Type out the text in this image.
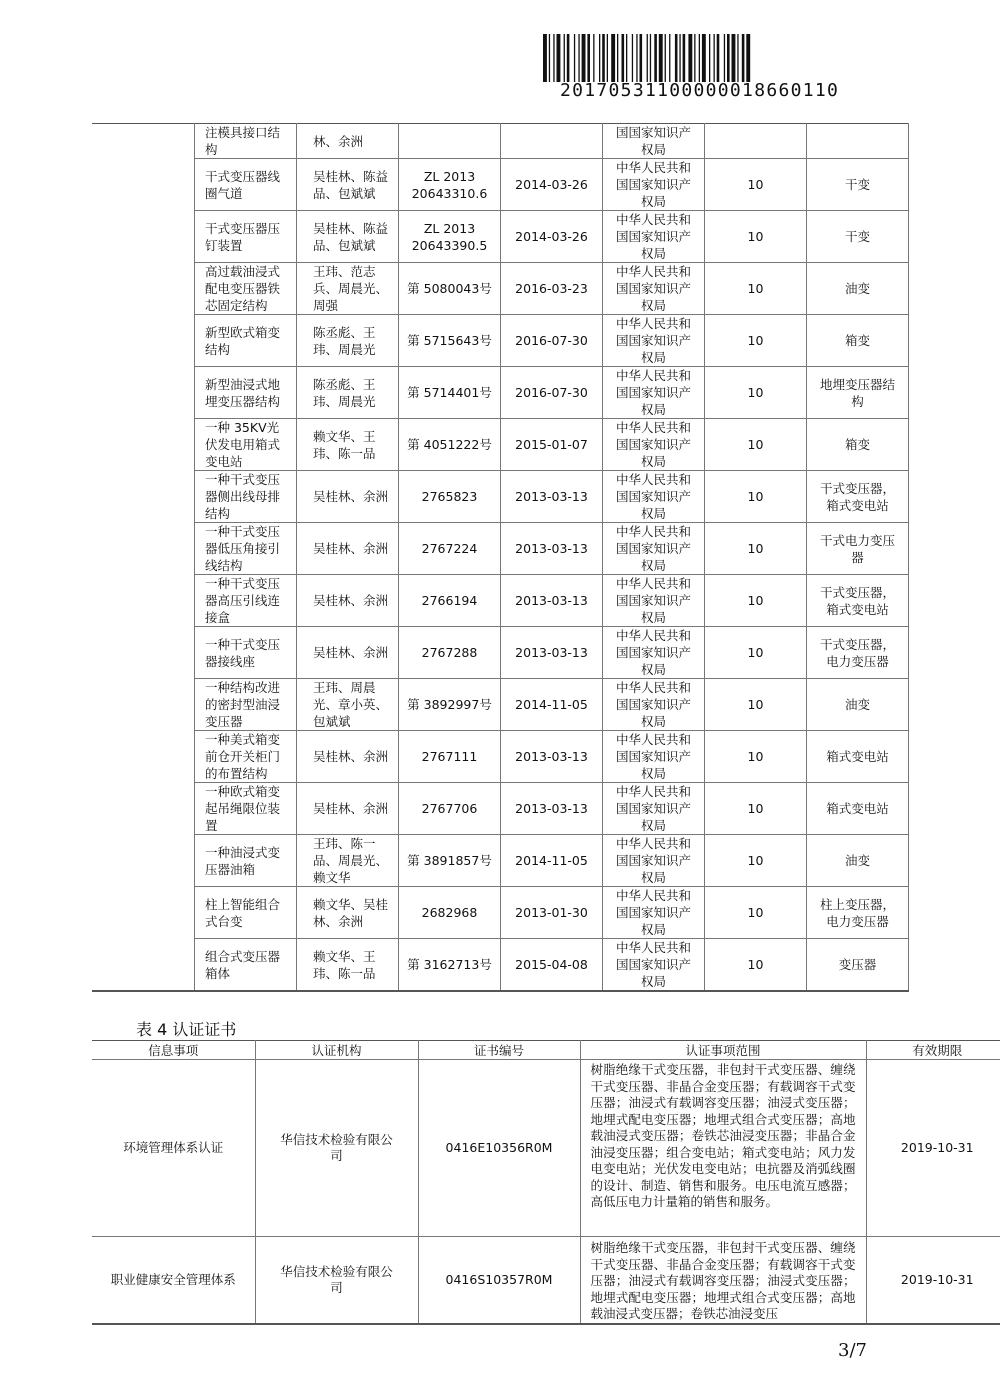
20170531100000018660110
注模具接口结构	林、余洲			国国家知识产权局		
干式变压器线圈气道	吴桂林、陈益品、包斌斌	ZL 2013 20643310.6	2014-03-26	中华人民共和国国家知识产权局	10	干变
干式变压器压钉装置	吴桂林、陈益品、包斌斌	ZL 2013 20643390.5	2014-03-26	中华人民共和国国家知识产权局	10	干变
高过载油浸式配电变压器铁芯固定结构	王玮、范志兵、周晨光、周强	第 5080043号	2016-03-23	中华人民共和国国家知识产权局	10	油变
新型欧式箱变结构	陈丞彪、王玮、周晨光	第 5715643号	2016-07-30	中华人民共和国国家知识产权局	10	箱变
新型油浸式地埋变压器结构	陈丞彪、王玮、周晨光	第 5714401号	2016-07-30	中华人民共和国国家知识产权局	10	地埋变压器结构
一种 35KV光伏发电用箱式变电站	赖文华、王玮、陈一品	第 4051222号	2015-01-07	中华人民共和国国家知识产权局	10	箱变
一种干式变压器侧出线母排结构	吴桂林、余洲	2765823	2013-03-13	中华人民共和国国家知识产权局	10	干式变压器，箱式变电站
一种干式变压器低压角接引线结构	吴桂林、余洲	2767224	2013-03-13	中华人民共和国国家知识产权局	10	干式电力变压器
一种干式变压器高压引线连接盒	吴桂林、余洲	2766194	2013-03-13	中华人民共和国国家知识产权局	10	干式变压器，箱式变电站
一种干式变压器接线座	吴桂林、余洲	2767288	2013-03-13	中华人民共和国国家知识产权局	10	干式变压器，电力变压器
一种结构改进的密封型油浸变压器	王玮、周晨光、章小英、包斌斌	第 3892997号	2014-11-05	中华人民共和国国家知识产权局	10	油变
一种美式箱变前仓开关柜门的布置结构	吴桂林、余洲	2767111	2013-03-13	中华人民共和国国家知识产权局	10	箱式变电站
一种欧式箱变起吊绳限位装置	吴桂林、余洲	2767706	2013-03-13	中华人民共和国国家知识产权局	10	箱式变电站
一种油浸式变压器油箱	王玮、陈一品、周晨光、赖文华	第 3891857号	2014-11-05	中华人民共和国国家知识产权局	10	油变
柱上智能组合式台变	赖文华、吴桂林、余洲	2682968	2013-01-30	中华人民共和国国家知识产权局	10	柱上变压器，电力变压器
组合式变压器箱体	赖文华、王玮、陈一品	第 3162713号	2015-04-08	中华人民共和国国家知识产权局	10	变压器
表 4 认证证书
信息事项	认证机构	证书编号	认证事项范围	有效期限
环境管理体系认证	华信技术检验有限公司	0416E10356R0M	树脂绝缘干式变压器，非包封干式变压器、缠绕干式变压器、非晶合金变压器；有载调容干式变压器；油浸式有载调容变压器；油浸式变压器；地埋式配电变压器；地埋式组合式变压器；高地载油浸式变压器；卷铁芯油浸变压器；非晶合金油浸变压器；组合变电站；箱式变电站；风力发电变电站；光伏发电变电站；电抗器及消弧线圈的设计、制造、销售和服务。电压电流互感器；高低压电力计量箱的销售和服务。	2019-10-31
职业健康安全管理体系	华信技术检验有限公司	0416S10357R0M	树脂绝缘干式变压器，非包封干式变压器、缠绕干式变压器、非晶合金变压器；有载调容干式变压器；油浸式有载调容变压器；油浸式变压器；地埋式配电变压器；地埋式组合式变压器；高地载油浸式变压器；卷铁芯油浸变压	2019-10-31
3/7
